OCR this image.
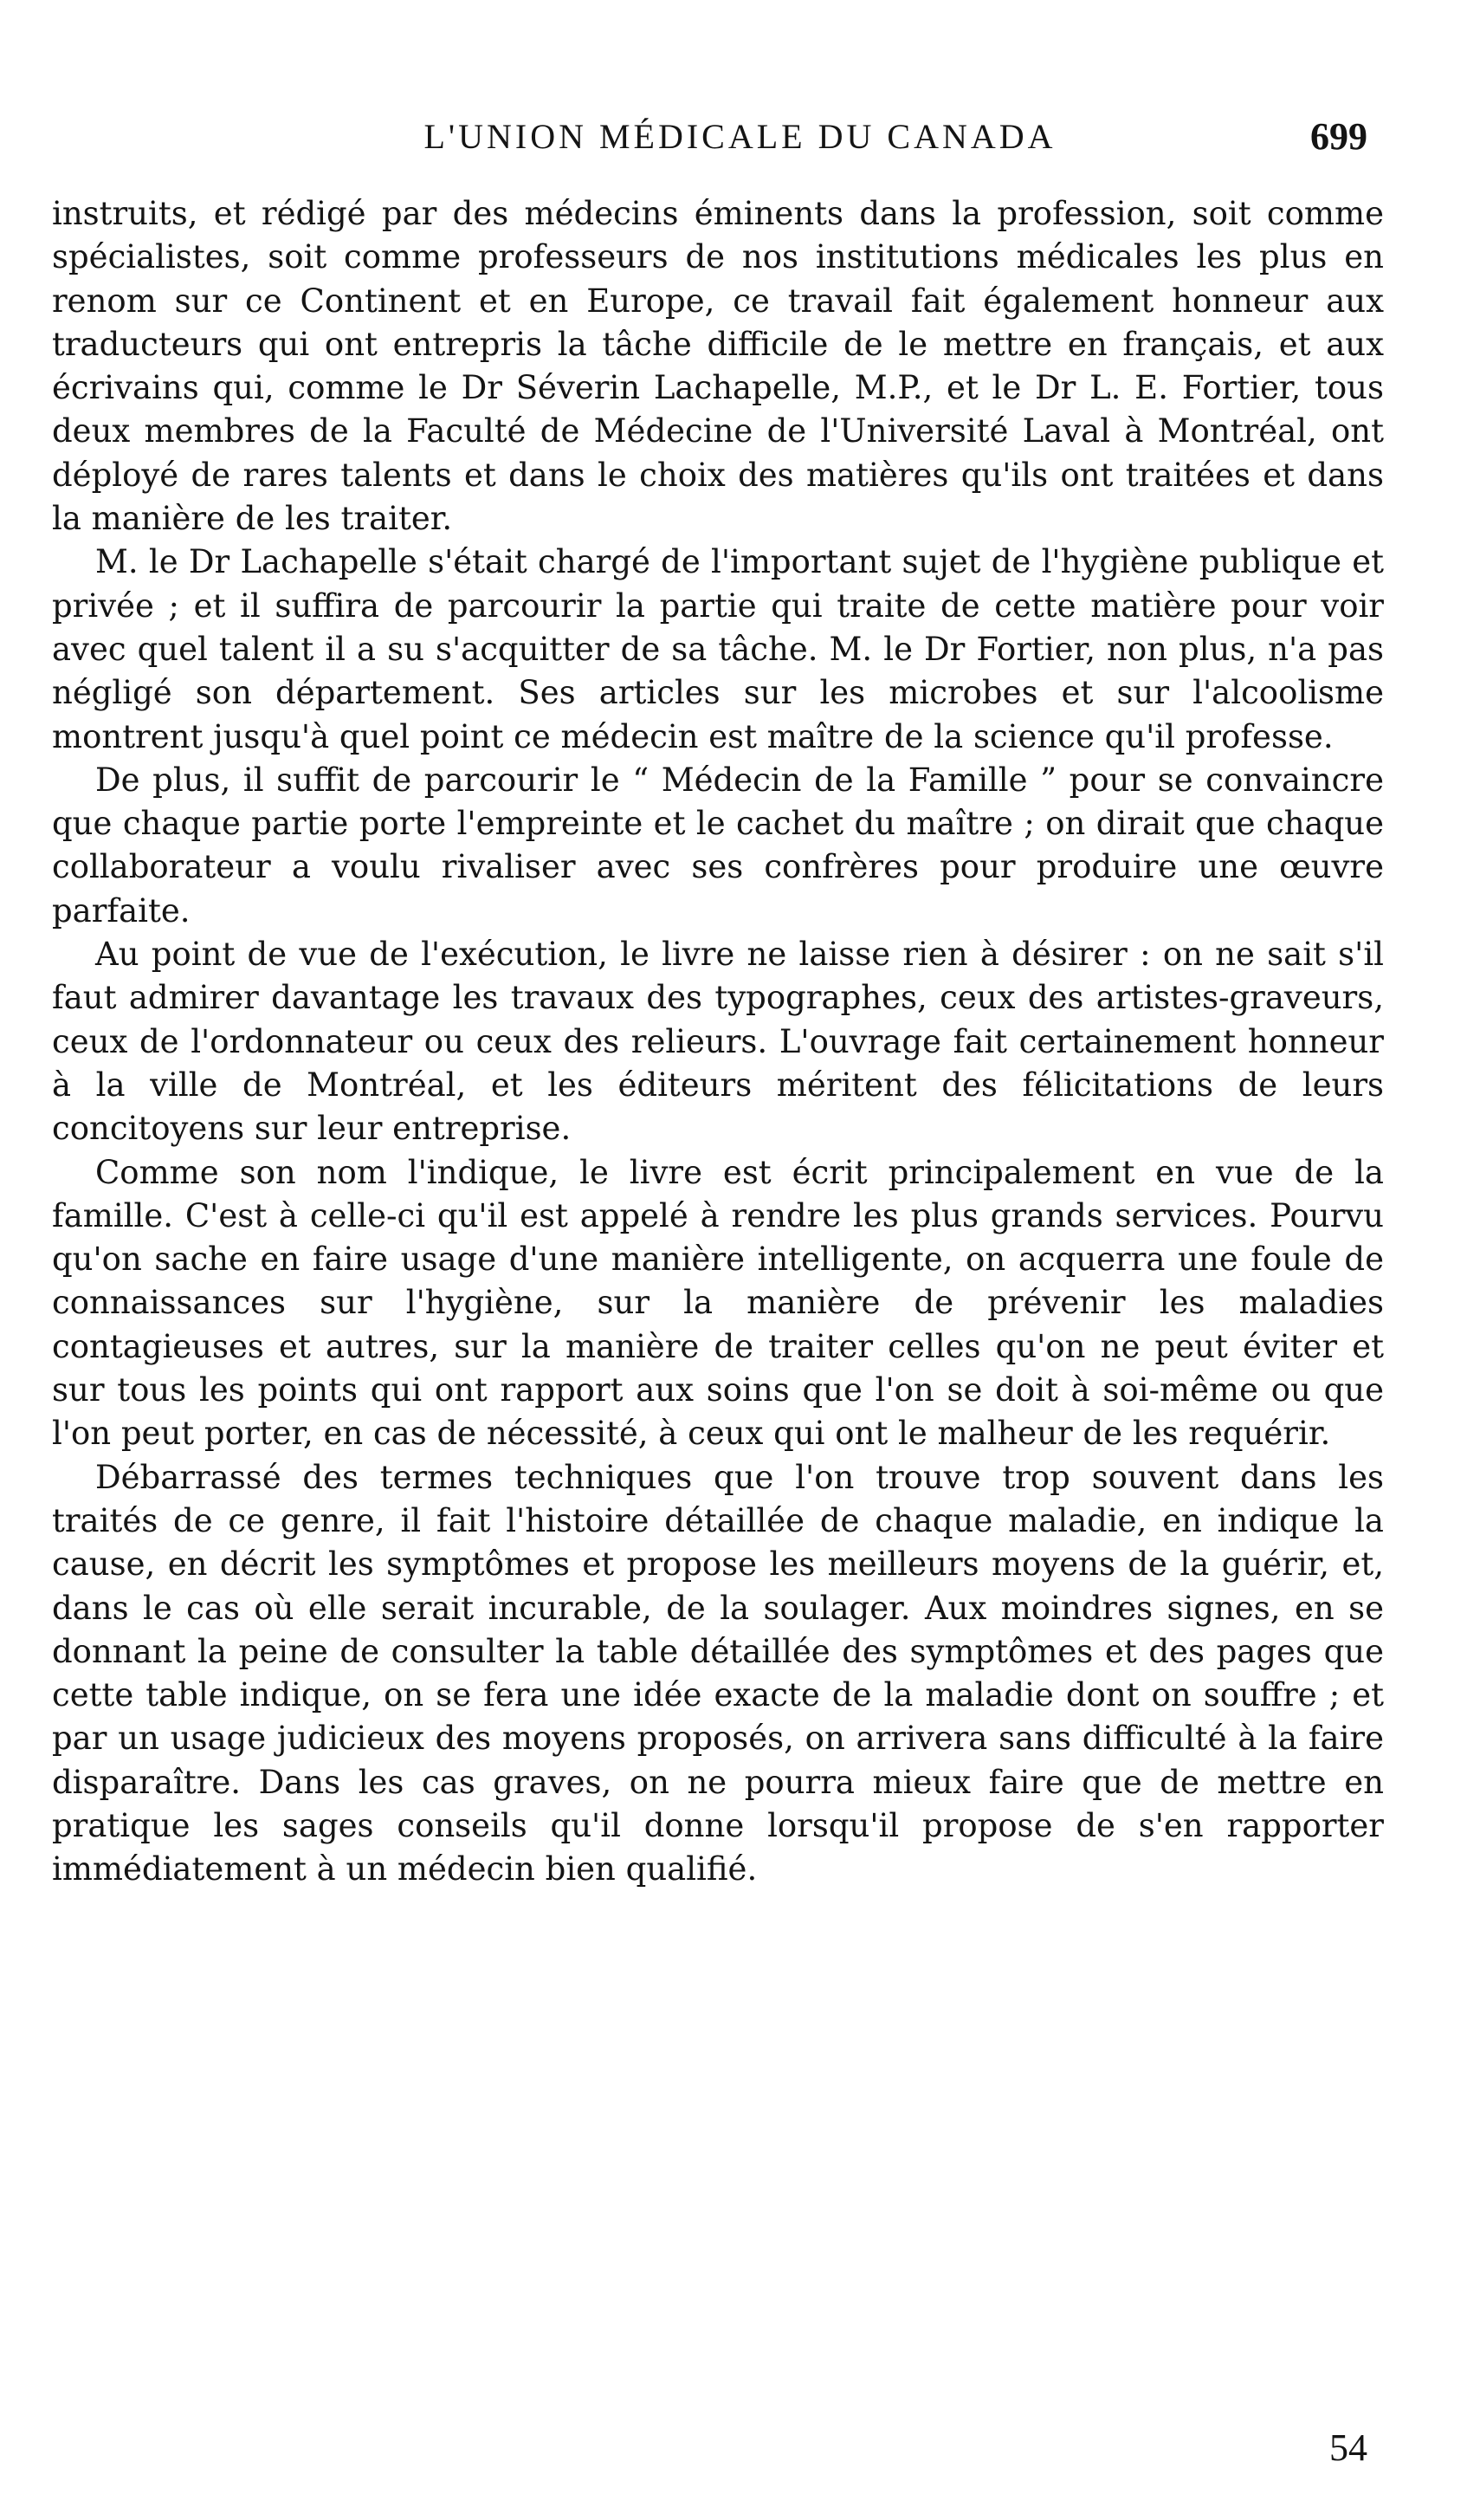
L'UNION MÉDICALE DU CANADA	699

instruits, et rédigé par des médecins éminents dans la profession, soit comme spécialistes, soit comme professeurs de nos institutions médicales les plus en renom sur ce Continent et en Europe, ce travail fait également honneur aux traducteurs qui ont entrepris la tâche difficile de le mettre en français, et aux écrivains qui, comme le Dr Séverin Lachapelle, M.P., et le Dr L. E. Fortier, tous deux membres de la Faculté de Médecine de l'Université Laval à Montréal, ont déployé de rares talents et dans le choix des matières qu'ils ont traitées et dans la manière de les traiter.

M. le Dr Lachapelle s'était chargé de l'important sujet de l'hygiène publique et privée ; et il suffira de parcourir la partie qui traite de cette matière pour voir avec quel talent il a su s'acquitter de sa tâche. M. le Dr Fortier, non plus, n'a pas négligé son département. Ses articles sur les microbes et sur l'alcoolisme montrent jusqu'à quel point ce médecin est maître de la science qu'il professe.

De plus, il suffit de parcourir le “ Médecin de la Famille ” pour se convaincre que chaque partie porte l'empreinte et le cachet du maître ; on dirait que chaque collaborateur a voulu rivaliser avec ses confrères pour produire une œuvre parfaite.

Au point de vue de l'exécution, le livre ne laisse rien à désirer : on ne sait s'il faut admirer davantage les travaux des typographes, ceux des artistes-graveurs, ceux de l'ordonnateur ou ceux des relieurs. L'ouvrage fait certainement honneur à la ville de Montréal, et les éditeurs méritent des félicitations de leurs concitoyens sur leur entreprise.

Comme son nom l'indique, le livre est écrit principalement en vue de la famille. C'est à celle-ci qu'il est appelé à rendre les plus grands services. Pourvu qu'on sache en faire usage d'une manière intelligente, on acquerra une foule de connaissances sur l'hygiène, sur la manière de prévenir les maladies contagieuses et autres, sur la manière de traiter celles qu'on ne peut éviter et sur tous les points qui ont rapport aux soins que l'on se doit à soi-même ou que l'on peut porter, en cas de nécessité, à ceux qui ont le malheur de les requérir.

Débarrassé des termes techniques que l'on trouve trop souvent dans les traités de ce genre, il fait l'histoire détaillée de chaque maladie, en indique la cause, en décrit les symptômes et propose les meilleurs moyens de la guérir, et, dans le cas où elle serait incurable, de la soulager. Aux moindres signes, en se donnant la peine de consulter la table détaillée des symptômes et des pages que cette table indique, on se fera une idée exacte de la maladie dont on souffre ; et par un usage judicieux des moyens proposés, on arrivera sans difficulté à la faire disparaître. Dans les cas graves, on ne pourra mieux faire que de mettre en pratique les sages conseils qu'il donne lorsqu'il propose de s'en rapporter immédiatement à un médecin bien qualifié.

54
